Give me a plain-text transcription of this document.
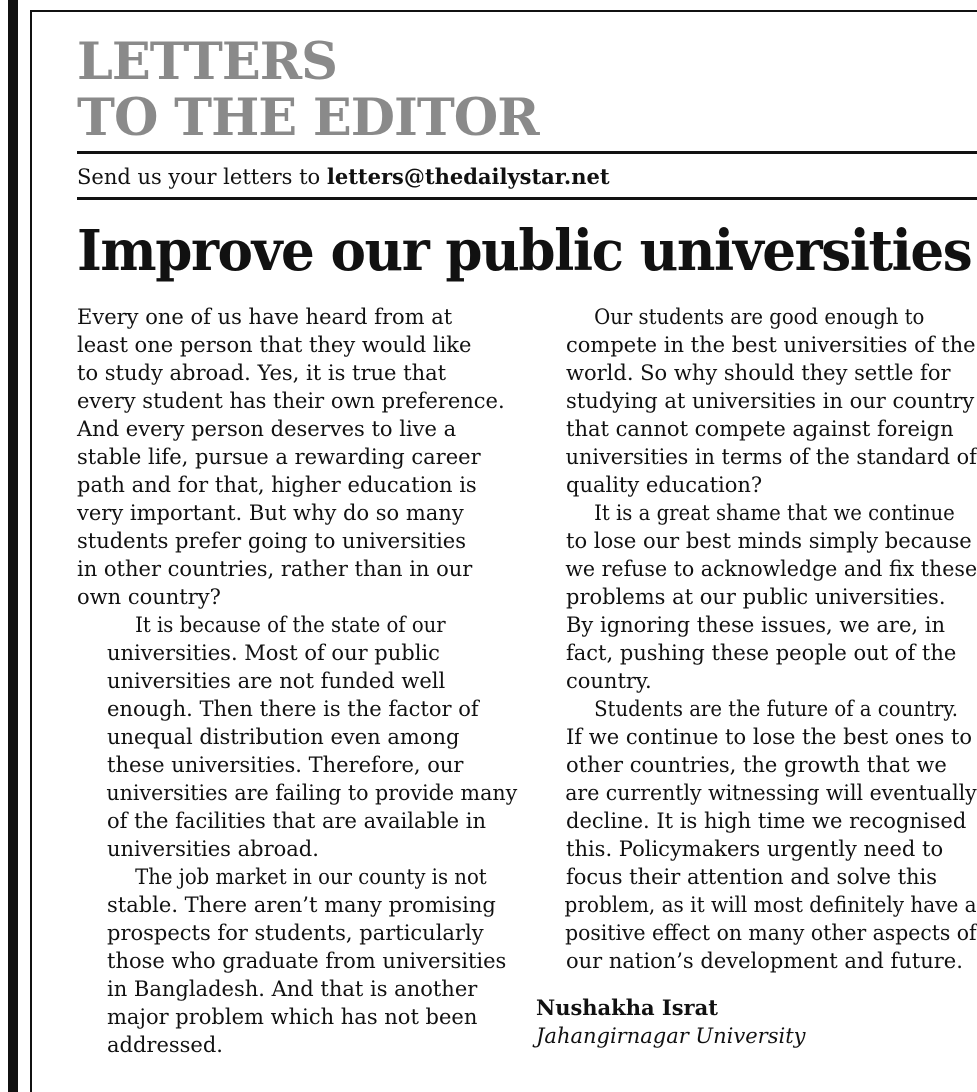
LETTERS
TO THE EDITOR
Send us your letters to letters@thedailystar.net
Improve our public universities

Every one of us have heard from at
least one person that they would like
to study abroad. Yes, it is true that
every student has their own preference.
And every person deserves to live a
stable life, pursue a rewarding career
path and for that, higher education is
very important. But why do so many
students prefer going to universities
in other countries, rather than in our
own country?

It is because of the state of our

universities. Most of our public
universities are not funded well
enough. Then there is the factor of
unequal distribution even among
these universities. Therefore, our
universities are failing to provide many

of the facilities that are available in
universities abroad.

The job market in our county is not

stable. There aren’t many promising
prospects for students, particularly
those who graduate from universities
in Bangladesh. And that is another
major problem which has not been
addressed.

Our students are good enough to

compete in the best universities of the
world. So why should they settle for
studying at universities in our country
that cannot compete against foreign
universities in terms of the standard of

quality education?

It is a great shame that we continue

to lose our best minds simply because
we refuse to acknowledge and fix these

problems at our public universities.
By ignoring these issues, we are, in
fact, pushing these people out of the
country.

Students are the future of a country.

If we continue to lose the best ones to
other countries, the growth that we
are currently witnessing will eventually

decline. It is high time we recognised
this. Policymakers urgently need to
focus their attention and solve this
problem, as it will most definitely have a
positive effect on many other aspects of

our nation’s development and future.

Nushakha Israt
Jahangirnagar University
